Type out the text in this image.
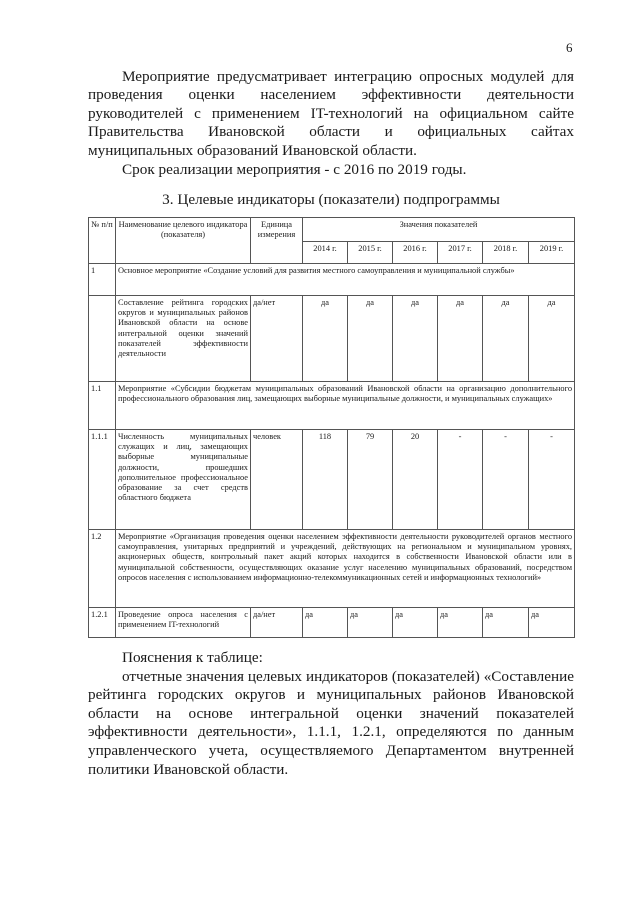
6

Мероприятие предусматривает интеграцию опросных модулей для проведения оценки населением эффективности деятельности руководителей с применением IT-технологий на официальном сайте Правительства Ивановской области и официальных сайтах муниципальных образований Ивановской области.

Срок реализации мероприятия - с 2016 по 2019 годы.

3. Целевые индикаторы (показатели) подпрограммы
№ п/п	Наименование целевого индикатора (показателя)	Единица измерения	Значения показателей					
			2014 г.	2015 г.	2016 г.	2017 г.	2018 г.	2019 г.
1	Основное мероприятие «Создание условий для развития местного самоуправления и муниципальной службы»							
	Составление рейтинга городских округов и муниципальных районов Ивановской области на основе интегральной оценки значений показателей эффективности деятельности	да/нет	да	да	да	да	да	да
1.1	Мероприятие «Субсидии бюджетам муниципальных образований Ивановской области на организацию дополнительного профессионального образования лиц, замещающих выборные муниципальные должности, и муниципальных служащих»							
1.1.1	Численность муниципальных служащих и лиц, замещающих выборные муниципальные должности, прошедших дополнительное профессиональное образование за счет средств областного бюджета	человек	118	79	20	-	-	-
1.2	Мероприятие «Организация проведения оценки населением эффективности деятельности руководителей органов местного самоуправления, унитарных предприятий и учреждений, действующих на региональном и муниципальном уровнях, акционерных обществ, контрольный пакет акций которых находится в собственности Ивановской области или в муниципальной собственности, осуществляющих оказание услуг населению муниципальных образований, посредством опросов населения с использованием информационно-телекоммуникационных сетей и информационных технологий»							
1.2.1	Проведение опроса населения с применением IT-технологий	да/нет	да	да	да	да	да	да

Пояснения к таблице:

отчетные значения целевых индикаторов (показателей) «Составление рейтинга городских округов и муниципальных районов Ивановской области на основе интегральной оценки значений показателей эффективности деятельности», 1.1.1, 1.2.1, определяются по данным управленческого учета, осуществляемого Департаментом внутренней политики Ивановской области.
